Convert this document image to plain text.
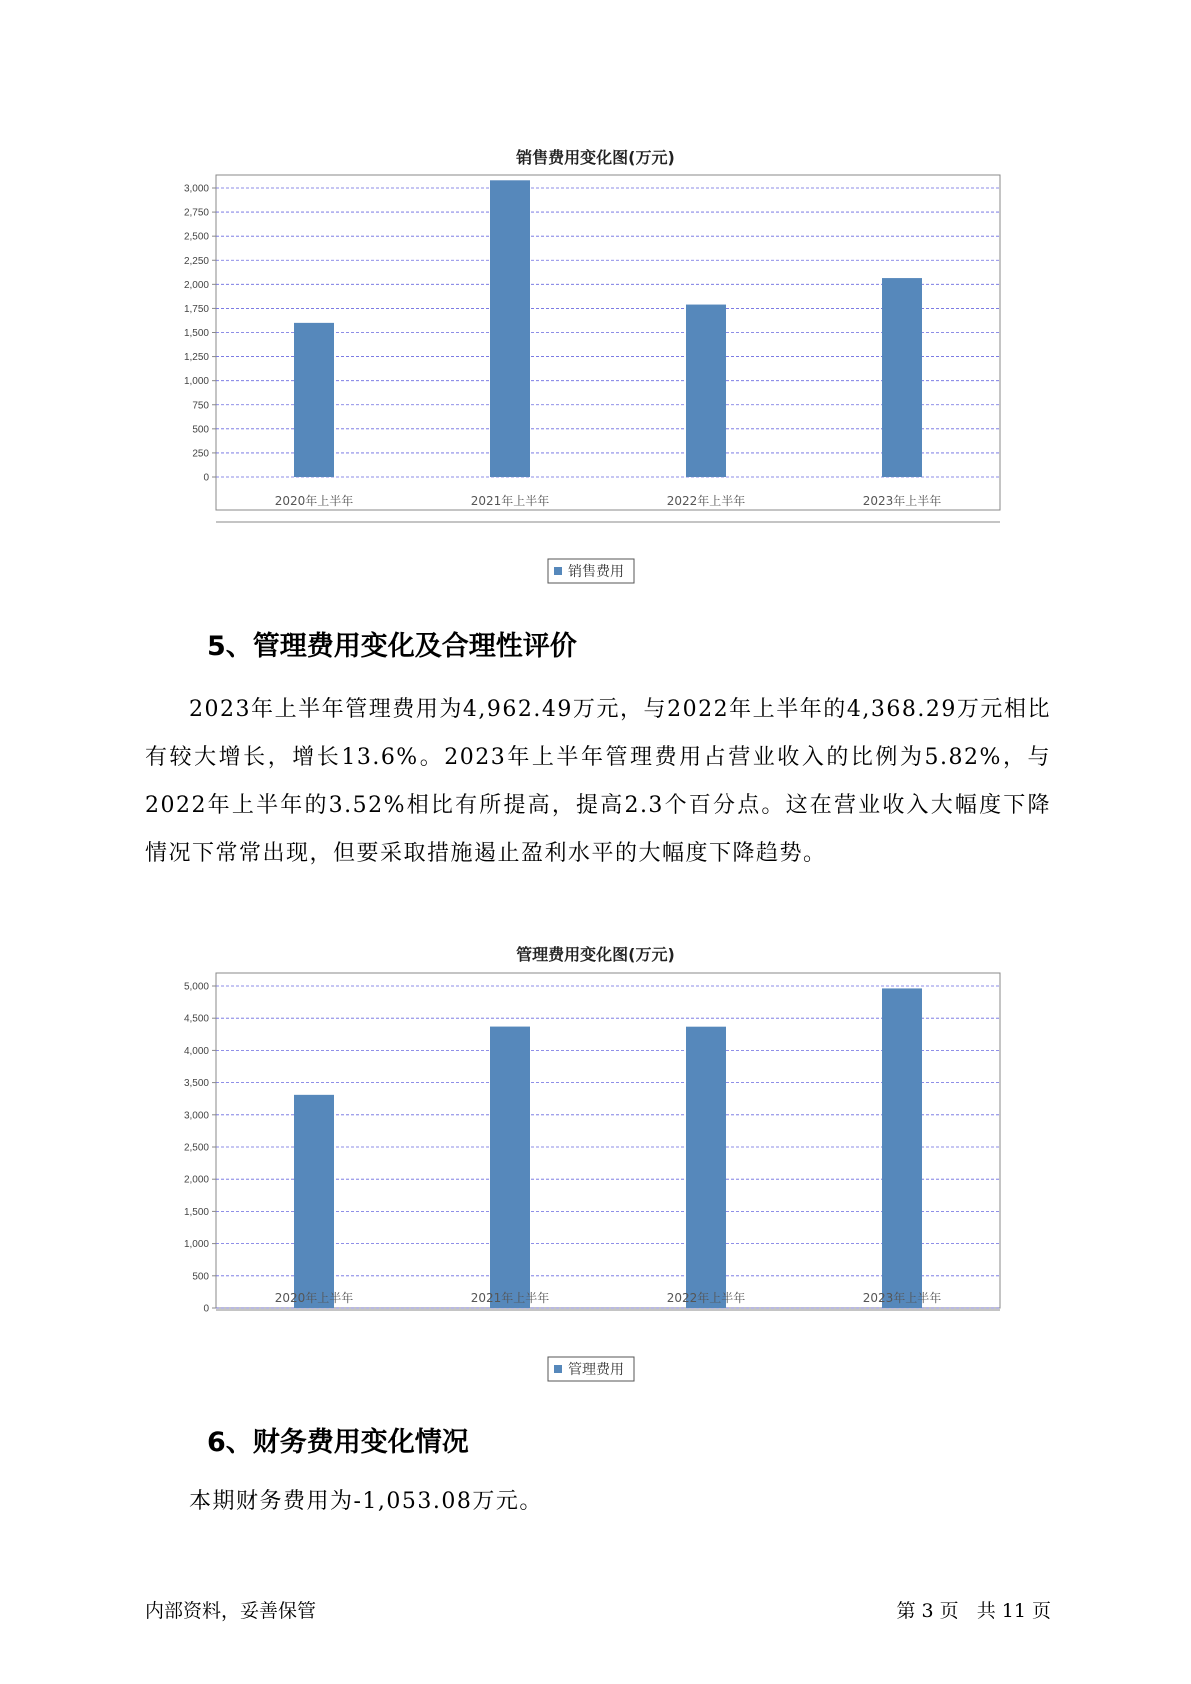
销售费用变化图(万元)
0
250
500
750
1,000
1,250
1,500
1,750
2,000
2,250
2,500
2,750
3,000
2020年上半年	2021年上半年	2022年上半年	2023年上半年
销售费用
5、管理费用变化及合理性评价

2023年上半年管理费用为4,962.49万元，与2022年上半年的4,368.29万元相比有较大增长，增长13.6%。2023年上半年管理费用占营业收入的比例为5.82%，与2022年上半年的3.52%相比有所提高，提高2.3个百分点。这在营业收入大幅度下降情况下常常出现，但要采取措施遏止盈利水平的大幅度下降趋势。

管理费用变化图(万元)
0
500
1,000
1,500
2,000
2,500
3,000
3,500
4,000
4,500
5,000
2020年上半年	2021年上半年	2022年上半年	2023年上半年
管理费用
6、财务费用变化情况

本期财务费用为-1,053.08万元。

内部资料，妥善保管	第 3 页   共 11 页
